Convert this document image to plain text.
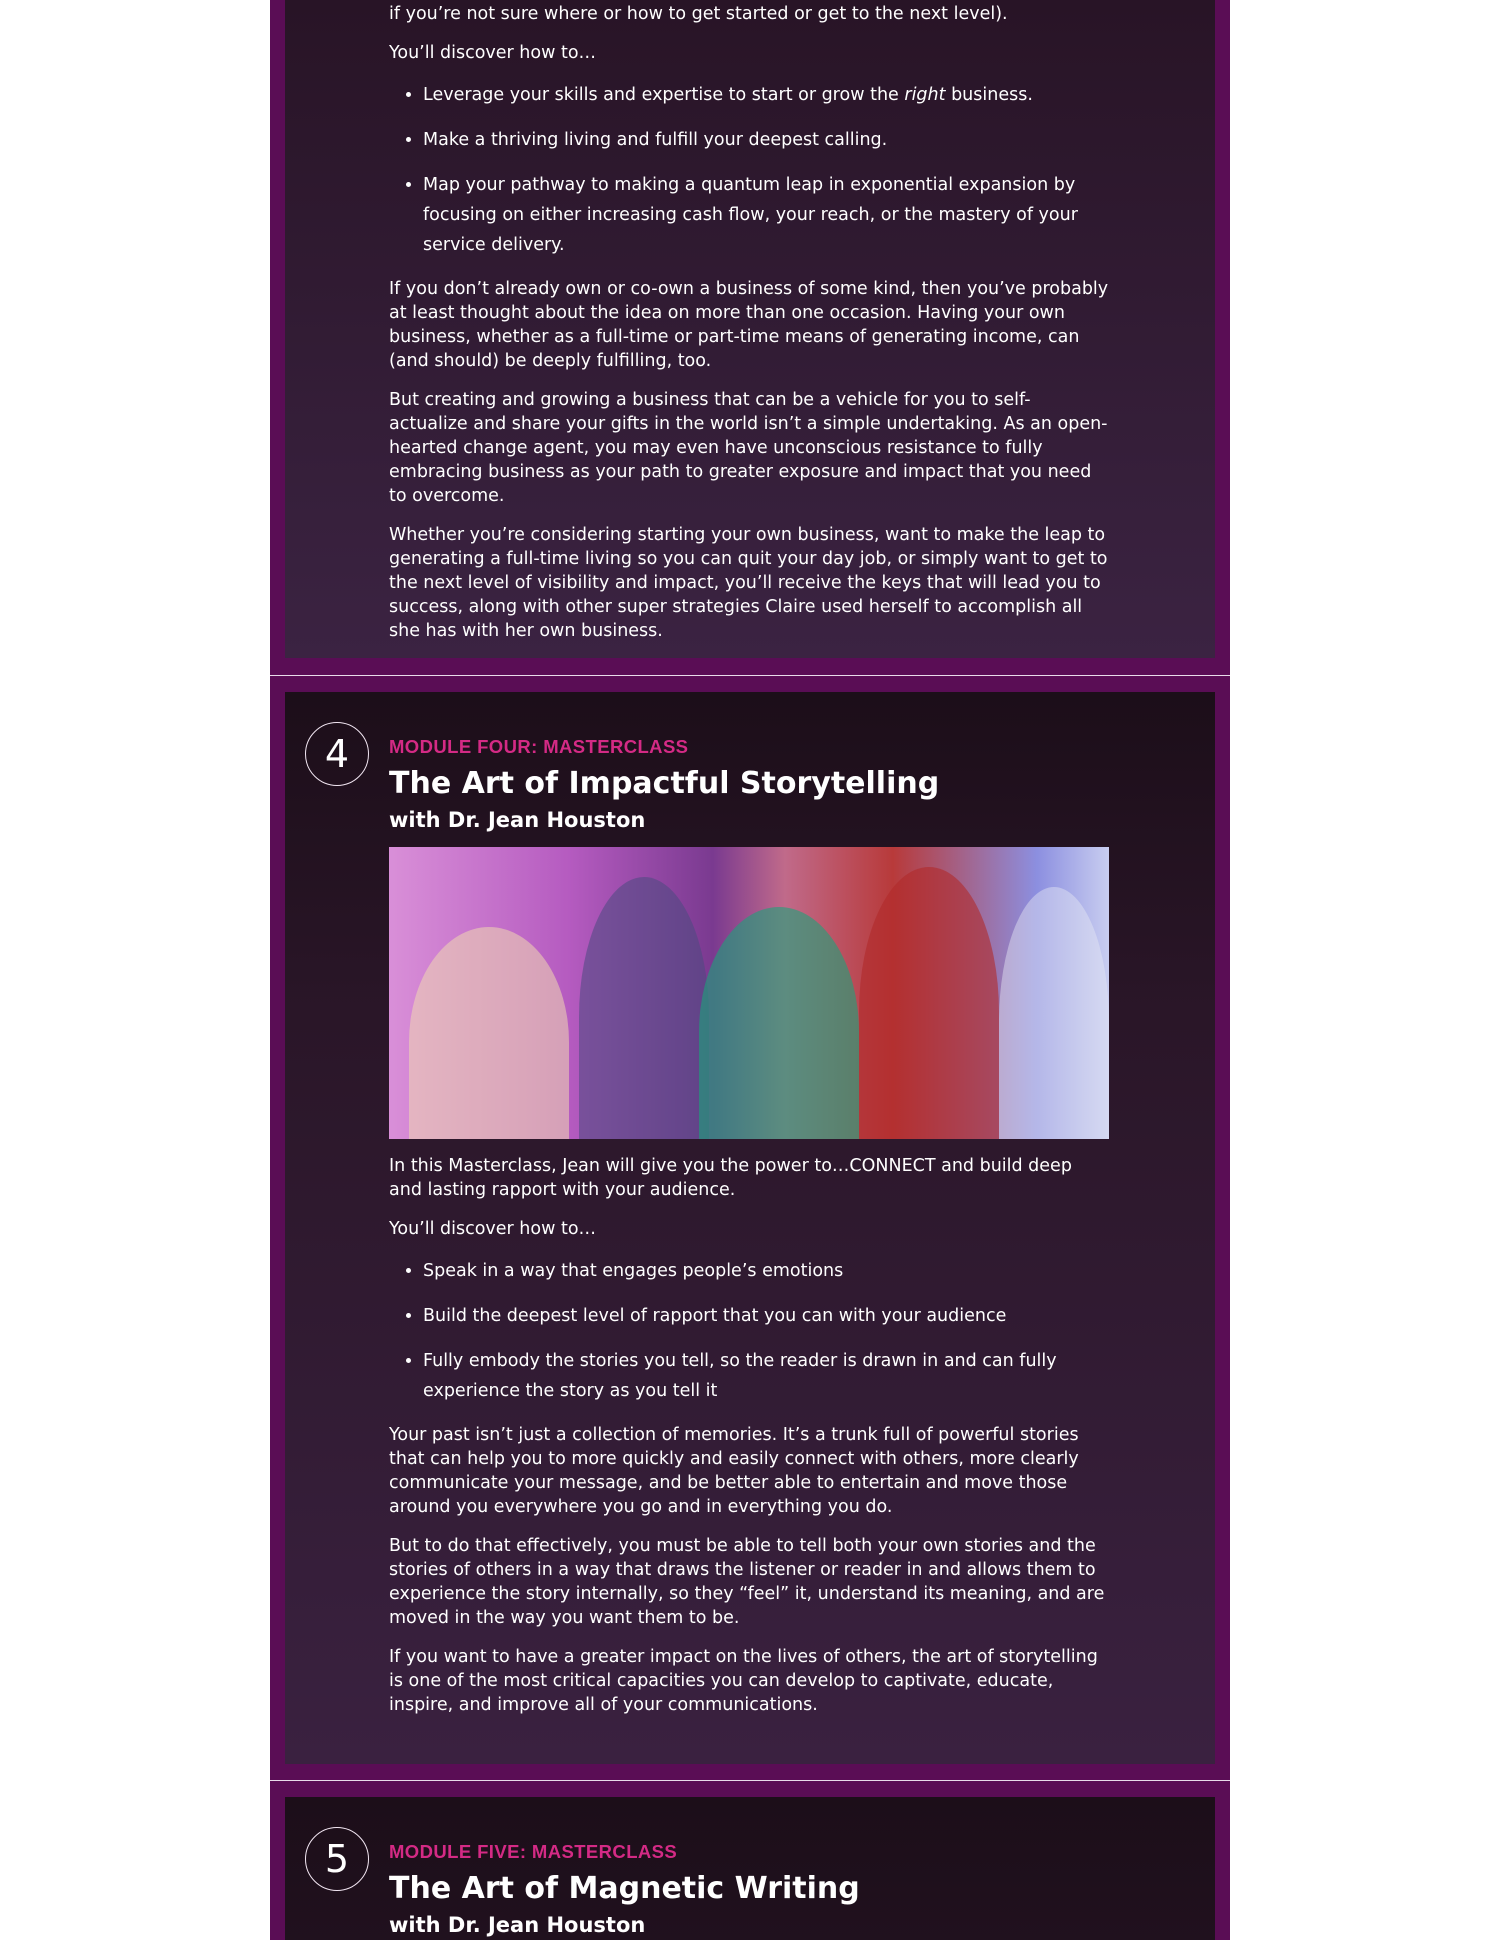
if you’re not sure where or how to get started or get to the next level).

You’ll discover how to…

• Leverage your skills and expertise to start or grow the right business.
• Make a thriving living and fulfill your deepest calling.
• Map your pathway to making a quantum leap in exponential expansion by focusing on either increasing cash flow, your reach, or the mastery of your service delivery.

If you don’t already own or co-own a business of some kind, then you’ve probably at least thought about the idea on more than one occasion. Having your own business, whether as a full-time or part-time means of generating income, can (and should) be deeply fulfilling, too.

But creating and growing a business that can be a vehicle for you to self-actualize and share your gifts in the world isn’t a simple undertaking. As an open-hearted change agent, you may even have unconscious resistance to fully embracing business as your path to greater exposure and impact that you need to overcome.

Whether you’re considering starting your own business, want to make the leap to generating a full-time living so you can quit your day job, or simply want to get to the next level of visibility and impact, you’ll receive the keys that will lead you to success, along with other super strategies Claire used herself to accomplish all she has with her own business.

4	MODULE FOUR: MASTERCLASS
The Art of Impactful Storytelling
with Dr. Jean Houston

In this Masterclass, Jean will give you the power to…CONNECT and build deep and lasting rapport with your audience.

You’ll discover how to…

• Speak in a way that engages people’s emotions
• Build the deepest level of rapport that you can with your audience
• Fully embody the stories you tell, so the reader is drawn in and can fully experience the story as you tell it

Your past isn’t just a collection of memories. It’s a trunk full of powerful stories that can help you to more quickly and easily connect with others, more clearly communicate your message, and be better able to entertain and move those around you everywhere you go and in everything you do.

But to do that effectively, you must be able to tell both your own stories and the stories of others in a way that draws the listener or reader in and allows them to experience the story internally, so they “feel” it, understand its meaning, and are moved in the way you want them to be.

If you want to have a greater impact on the lives of others, the art of storytelling is one of the most critical capacities you can develop to captivate, educate, inspire, and improve all of your communications.

5	MODULE FIVE: MASTERCLASS
The Art of Magnetic Writing
with Dr. Jean Houston
